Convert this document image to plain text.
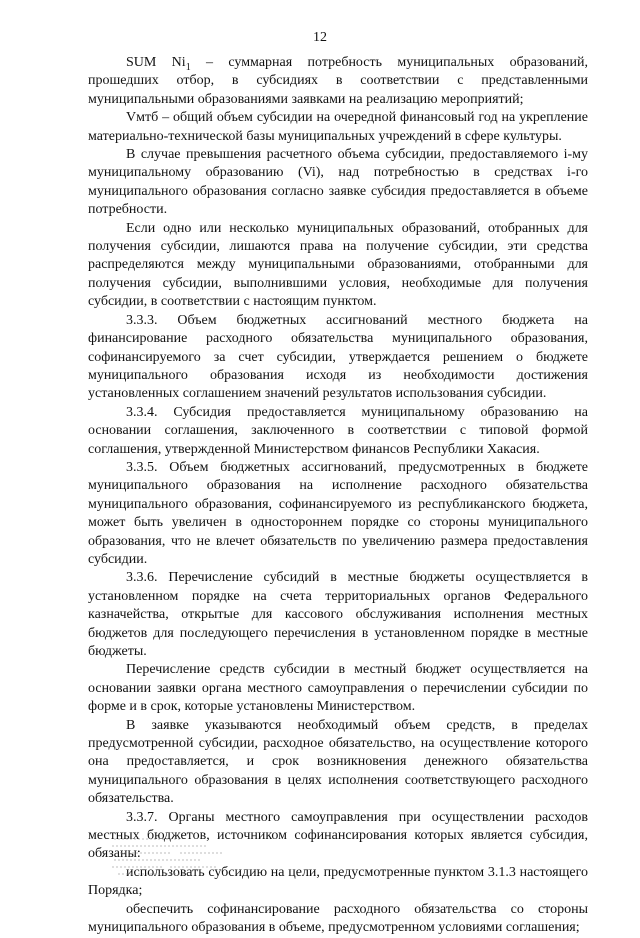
12

SUM $Ni_1$ – суммарная потребность муниципальных образований, прошедших отбор, в субсидиях в соответствии с представленными муниципальными образованиями заявками на реализацию мероприятий;

Vмтб – общий объем субсидии на очередной финансовый год на укрепление материально-технической базы муниципальных учреждений в сфере культуры.

В случае превышения расчетного объема субсидии, предоставляемого i-му муниципальному образованию (Vi), над потребностью в средствах i-го муниципального образования согласно заявке субсидия предоставляется в объеме потребности.

Если одно или несколько муниципальных образований, отобранных для получения субсидии, лишаются права на получение субсидии, эти средства распределяются между муниципальными образованиями, отобранными для получения субсидии, выполнившими условия, необходимые для получения субсидии, в соответствии с настоящим пунктом.

3.3.3. Объем бюджетных ассигнований местного бюджета на финансирование расходного обязательства муниципального образования, софинансируемого за счет субсидии, утверждается решением о бюджете муниципального образования исходя из необходимости достижения установленных соглашением значений результатов использования субсидии.

3.3.4. Субсидия предоставляется муниципальному образованию на основании соглашения, заключенного в соответствии с типовой формой соглашения, утвержденной Министерством финансов Республики Хакасия.

3.3.5. Объем бюджетных ассигнований, предусмотренных в бюджете муниципального образования на исполнение расходного обязательства муниципального образования, софинансируемого из республиканского бюджета, может быть увеличен в одностороннем порядке со стороны муниципального образования, что не влечет обязательств по увеличению размера предоставления субсидии.

3.3.6. Перечисление субсидий в местные бюджеты осуществляется в установленном порядке на счета территориальных органов Федерального казначейства, открытые для кассового обслуживания исполнения местных бюджетов для последующего перечисления в установленном порядке в местные бюджеты.

Перечисление средств субсидии в местный бюджет осуществляется на основании заявки органа местного самоуправления о перечислении субсидии по форме и в срок, которые установлены Министерством.

В заявке указываются необходимый объем средств, в пределах предусмотренной субсидии, расходное обязательство, на осуществление которого она предоставляется, и срок возникновения денежного обязательства муниципального образования в целях исполнения соответствующего расходного обязательства.

3.3.7. Органы местного самоуправления при осуществлении расходов местных бюджетов, источником софинансирования которых является субсидия, обязаны:

использовать субсидию на цели, предусмотренные пунктом 3.1.3 настоящего Порядка;

обеспечить софинансирование расходного обязательства со стороны муниципального образования в объеме, предусмотренном условиями соглашения;
